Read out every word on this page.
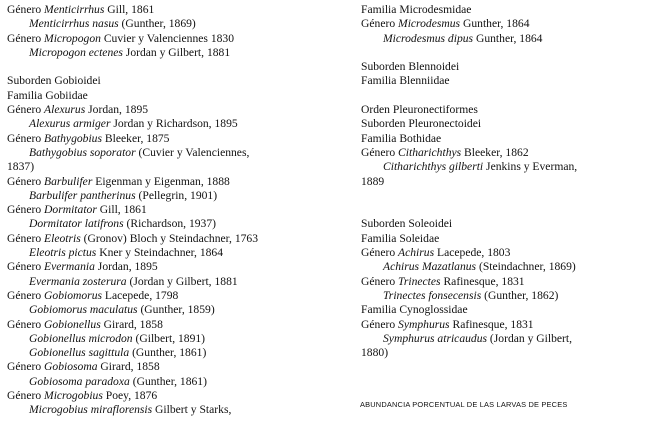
Género Menticirrhus Gill, 1861
Menticirrhus nasus (Gunther, 1869)
Género Micropogon Cuvier y Valenciennes 1830
Micropogon ectenes Jordan y Gilbert, 1881
Suborden Gobioidei
Familia Gobiidae
Género Alexurus Jordan, 1895
Alexurus armiger Jordan y Richardson, 1895
Género Bathygobius Bleeker, 1875
Bathygobius soporator (Cuvier y Valenciennes,
1837)
Género Barbulifer Eigenman y Eigenman, 1888
Barbulifer pantherinus (Pellegrin, 1901)
Género Dormitator Gill, 1861
Dormitator latifrons (Richardson, 1937)
Género Eleotris (Gronov) Bloch y Steindachner, 1763
Eleotris pictus Kner y Steindachner, 1864
Género Evermania Jordan, 1895
Evermania zosterura (Jordan y Gilbert, 1881
Género Gobiomorus Lacepede, 1798
Gobiomorus maculatus (Gunther, 1859)
Género Gobionellus Girard, 1858
Gobionellus microdon (Gilbert, 1891)
Gobionellus sagittula (Gunther, 1861)
Género Gobiosoma Girard, 1858
Gobiosoma paradoxa (Gunther, 1861)
Género Microgobius Poey, 1876
Microgobius miraflorensis Gilbert y Starks,
Familia Microdesmidae
Género Microdesmus Gunther, 1864
Microdesmus dipus Gunther, 1864
Suborden Blennoidei
Familia Blenniidae
Orden Pleuronectiformes
Suborden Pleuronectoidei
Familia Bothidae
Género Citharichthys Bleeker, 1862
Citharichthys gilberti Jenkins y Everman,
1889
Suborden Soleoidei
Familia Soleidae
Género Achirus Lacepede, 1803
Achirus Mazatlanus (Steindachner, 1869)
Género Trinectes Rafinesque, 1831
Trinectes fonsecensis (Gunther, 1862)
Familia Cynoglossidae
Género Symphurus Rafinesque, 1831
Symphurus atricaudus (Jordan y Gilbert,
1880)
ABUNDANCIA PORCENTUAL DE LAS LARVAS DE PECES
